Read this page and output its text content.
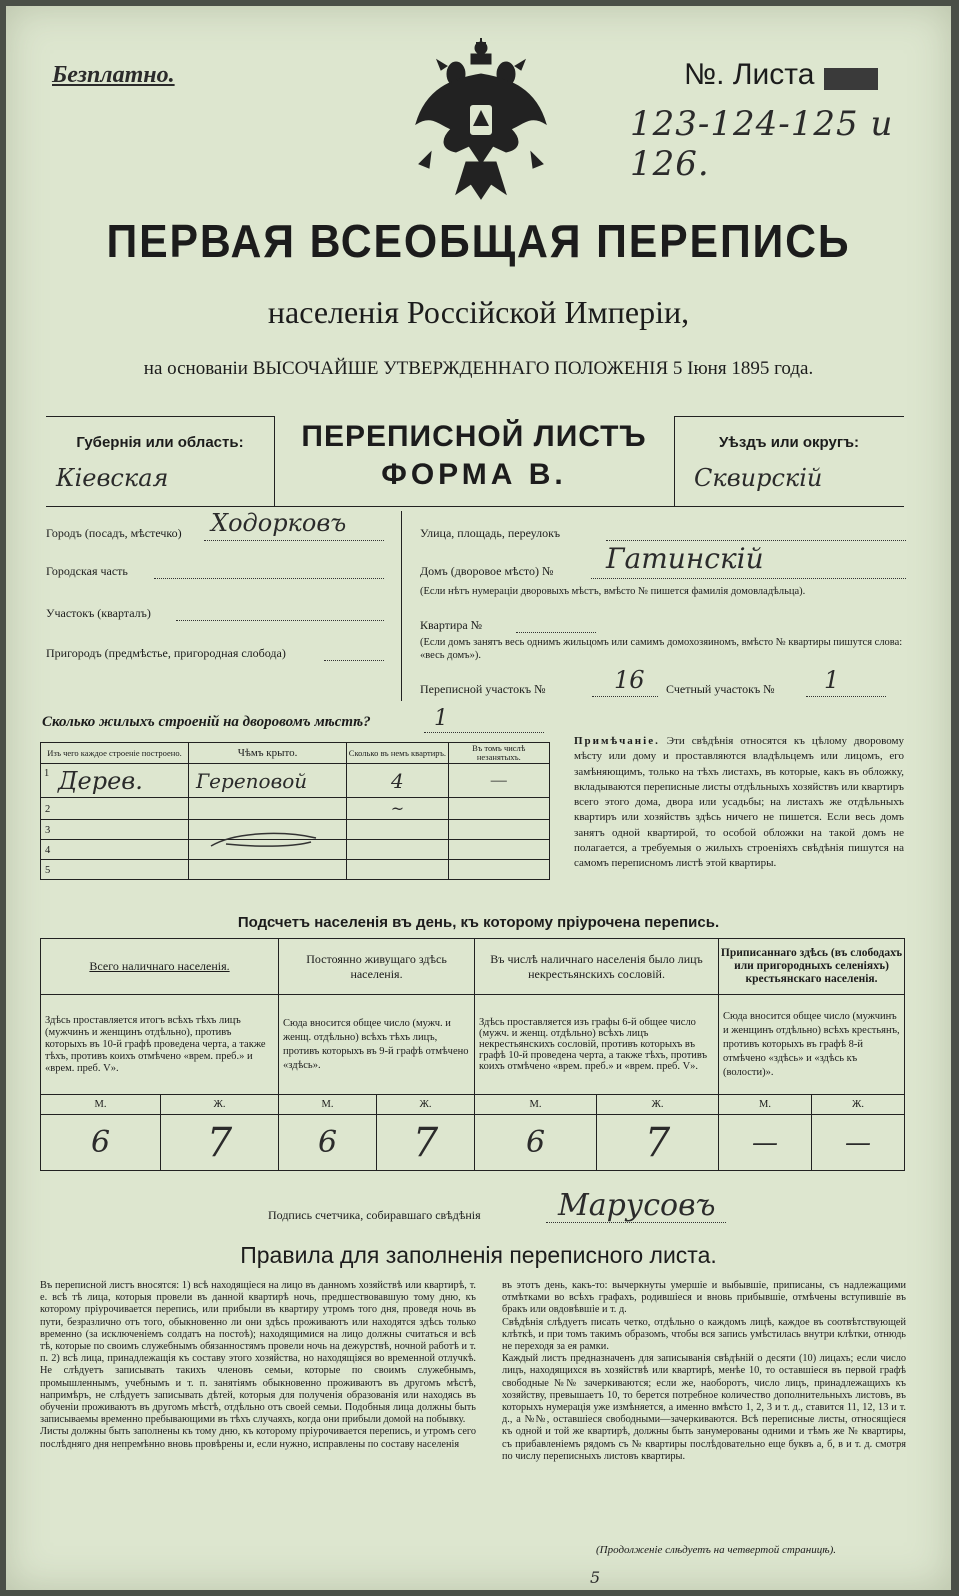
Безплатно.	№. Листа
123-124-125 и 126.
ПЕРВАЯ ВСЕОБЩАЯ ПЕРЕПИСЬ
населенія Россійской Имперіи,
на основаніи ВЫСОЧАЙШЕ УТВЕРЖДЕННАГО ПОЛОЖЕНІЯ 5 Іюня 1895 года.
Губернія или область:
Кіевская
ПЕРЕПИСНОЙ ЛИСТЪ
ФОРМА В.
Уѣздъ или округъ:
Сквирскій
Городъ (посадъ, мѣстечко) Ходорковъ
Городская часть
Участокъ (кварталъ)
Пригородъ (предмѣстье, пригородная слобода)
Улица, площадь, переулокъ
Домъ (дворовое мѣсто) № Гатинскій
(Если нѣтъ нумераціи дворовыхъ мѣстъ, вмѣсто № пишется фамилія домовладѣльца).
Квартира №
(Если домъ занятъ весь однимъ жильцомъ или самимъ домохозяиномъ, вмѣсто № квартиры пишутся слова: «весь домъ»).
Переписной участокъ №	16 Счетный участокъ № 1
Сколько жилыхъ строеній на дворовомъ мѣстѣ?	1
Изъ чего каждое строеніе построено.	Чѣмъ крыто.	Сколько въ немъ квартиръ.	Въ томъ числѣ незанятыхъ.

1 Дерев.	Гереповой	4	—
2		~	
3			
4			
5			
Примѣчаніе. Эти свѣдѣнія относятся къ цѣлому дворовому мѣсту или дому и проставляются владѣльцемъ или лицомъ, его замѣняющимъ, только на тѣхъ листахъ, въ которые, какъ въ обложку, вкладываются переписные листы отдѣльныхъ хозяйствъ или квартиръ всего этого дома, двора или усадьбы; на листахъ же отдѣльныхъ квартиръ или хозяйствъ здѣсь ничего не пишется. Если весь домъ занятъ одной квартирой, то особой обложки на такой домъ не полагается, а требуемыя о жилыхъ строеніяхъ свѣдѣнія пишутся на самомъ переписномъ листѣ этой квартиры.
Подсчетъ населенія въ день, къ которому пріурочена перепись.
Всего наличнаго населенія.		Постоянно живущаго здѣсь населенія.		Въ числѣ наличнаго населенія было лицъ некрестьянскихъ сословій.		Приписаннаго здѣсь (въ слободахъ или пригородныхъ селеніяхъ) крестьянскаго населенія.	
Здѣсь проставляется итогъ всѣхъ тѣхъ лицъ (мужчинъ и женщинъ отдѣльно), противъ которыхъ въ 10-й графѣ проведена черта, а также тѣхъ, противъ коихъ отмѣчено «врем. преб.» и «врем. преб. V».		Сюда вносится общее число (мужч. и женщ. отдѣльно) всѣхъ тѣхъ лицъ, противъ которыхъ въ 9-й графѣ отмѣчено «здѣсь».		Здѣсь проставляется изъ графы 6-й общее число (мужч. и женщ. отдѣльно) всѣхъ лицъ некрестьянскихъ сословій, противъ которыхъ въ графѣ 10-й проведена черта, а также тѣхъ, противъ коихъ отмѣчено «врем. преб.» и «врем. преб. V».		Сюда вносится общее число (мужчинъ и женщинъ отдѣльно) всѣхъ крестьянъ, противъ которыхъ въ графѣ 8-й отмѣчено «здѣсь» и «здѣсь къ (волости)».	
М.	Ж.	М.	Ж.	М.	Ж.	М.	Ж.
6	7	6	7	6	7	—	—
Подпись счетчика, собиравшаго свѣдѣнія	Марусовъ
Правила для заполненія переписного листа.
Въ переписной листъ вносятся: 1) всѣ находящіеся на лицо въ данномъ хозяйствѣ или квартирѣ, т. е. всѣ тѣ лица, которыя провели въ данной квартирѣ ночь, предшествовавшую тому дню, къ которому пріурочивается перепись, или прибыли въ квартиру утромъ того дня, проведя ночь въ пути, безразлично отъ того, обыкновенно ли они здѣсь проживаютъ или находятся здѣсь только временно (за исключеніемъ солдатъ на постоѣ); находящимися на лицо должны считаться и всѣ тѣ, которые по своимъ служебнымъ обязанностямъ провели ночь на дежурствѣ, ночной работѣ и т. п. 2) всѣ лица, принадлежащія къ составу этого хозяйства, но находящіяся во временной отлучкѣ. Не слѣдуетъ записывать такихъ членовъ семьи, которые по своимъ служебнымъ, промышленнымъ, учебнымъ и т. п. занятіямъ обыкновенно проживаютъ въ другомъ мѣстѣ, напримѣръ, не слѣдуетъ записывать дѣтей, которыя для полученія образованія или находясь въ обученіи проживаютъ въ другомъ мѣстѣ, отдѣльно отъ своей семьи. Подобныя лица должны быть записываемы временно пребывающими въ тѣхъ случаяхъ, когда они прибыли домой на побывку.
Листы должны быть заполнены къ тому дню, къ которому пріурочивается перепись, и утромъ сего послѣдняго дня непремѣнно вновь провѣрены и, если нужно, исправлены по составу населенія
въ этотъ день, какъ-то: вычеркнуты умершіе и выбывшіе, приписаны, съ надлежащими отмѣтками во всѣхъ графахъ, родившіеся и вновь прибывшіе, отмѣчены вступившіе въ бракъ или овдовѣвшіе и т. д.
Свѣдѣнія слѣдуетъ писать четко, отдѣльно о каждомъ лицѣ, каждое въ соотвѣтствующей клѣткѣ, и при томъ такимъ образомъ, чтобы вся запись умѣстилась внутри клѣтки, отнюдь не переходя за ея рамки.
Каждый листъ предназначенъ для записыванія свѣдѣній о десяти (10) лицахъ; если число лицъ, находящихся въ хозяйствѣ или квартирѣ, менѣе 10, то оставшіеся въ первой графѣ свободные №№ зачеркиваются; если же, наоборотъ, число лицъ, принадлежащихъ къ хозяйству, превышаетъ 10, то берется потребное количество дополнительныхъ листовъ, въ которыхъ нумерація уже измѣняется, а именно вмѣсто 1, 2, 3 и т. д., ставится 11, 12, 13 и т. д., а №№, оставшіеся свободными—зачеркиваются. Всѣ переписные листы, относящіеся къ одной и той же квартирѣ, должны быть занумерованы одними и тѣмъ же № квартиры, съ прибавленіемъ рядомъ съ № квартиры послѣдовательно еще буквъ а, б, в и т. д. смотря по числу переписныхъ листовъ квартиры.
(Продолженіе слѣдуетъ на четвертой страницѣ).
5
